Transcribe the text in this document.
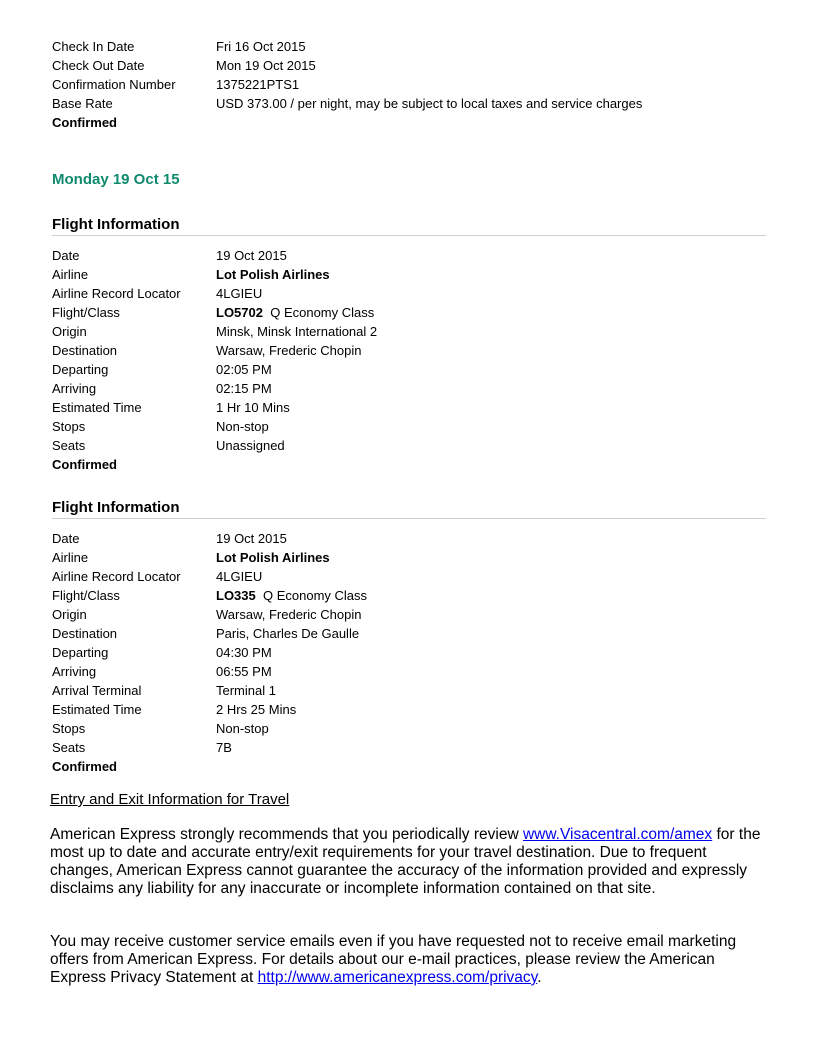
Check In Date	Fri 16 Oct 2015
Check Out Date	Mon 19 Oct 2015
Confirmation Number	1375221PTS1
Base Rate	USD 373.00 / per night, may be subject to local taxes and service charges
Confirmed
Monday 19 Oct 15
Flight Information
Date	19 Oct 2015
Airline	Lot Polish Airlines
Airline Record Locator	4LGIEU
Flight/Class	LO5702 Q Economy Class
Origin	Minsk, Minsk International 2
Destination	Warsaw, Frederic Chopin
Departing	02:05 PM
Arriving	02:15 PM
Estimated Time	1 Hr 10 Mins
Stops	Non-stop
Seats	Unassigned
Confirmed
Flight Information
Date	19 Oct 2015
Airline	Lot Polish Airlines
Airline Record Locator	4LGIEU
Flight/Class	LO335 Q Economy Class
Origin	Warsaw, Frederic Chopin
Destination	Paris, Charles De Gaulle
Departing	04:30 PM
Arriving	06:55 PM
Arrival Terminal	Terminal 1
Estimated Time	2 Hrs 25 Mins
Stops	Non-stop
Seats	7B
Confirmed
Entry and Exit Information for Travel
American Express strongly recommends that you periodically review www.Visacentral.com/amex for the most up to date and accurate entry/exit requirements for your travel destination. Due to frequent changes, American Express cannot guarantee the accuracy of the information provided and expressly disclaims any liability for any inaccurate or incomplete information contained on that site.
You may receive customer service emails even if you have requested not to receive email marketing offers from American Express. For details about our e-mail practices, please review the American Express Privacy Statement at http://www.americanexpress.com/privacy.
